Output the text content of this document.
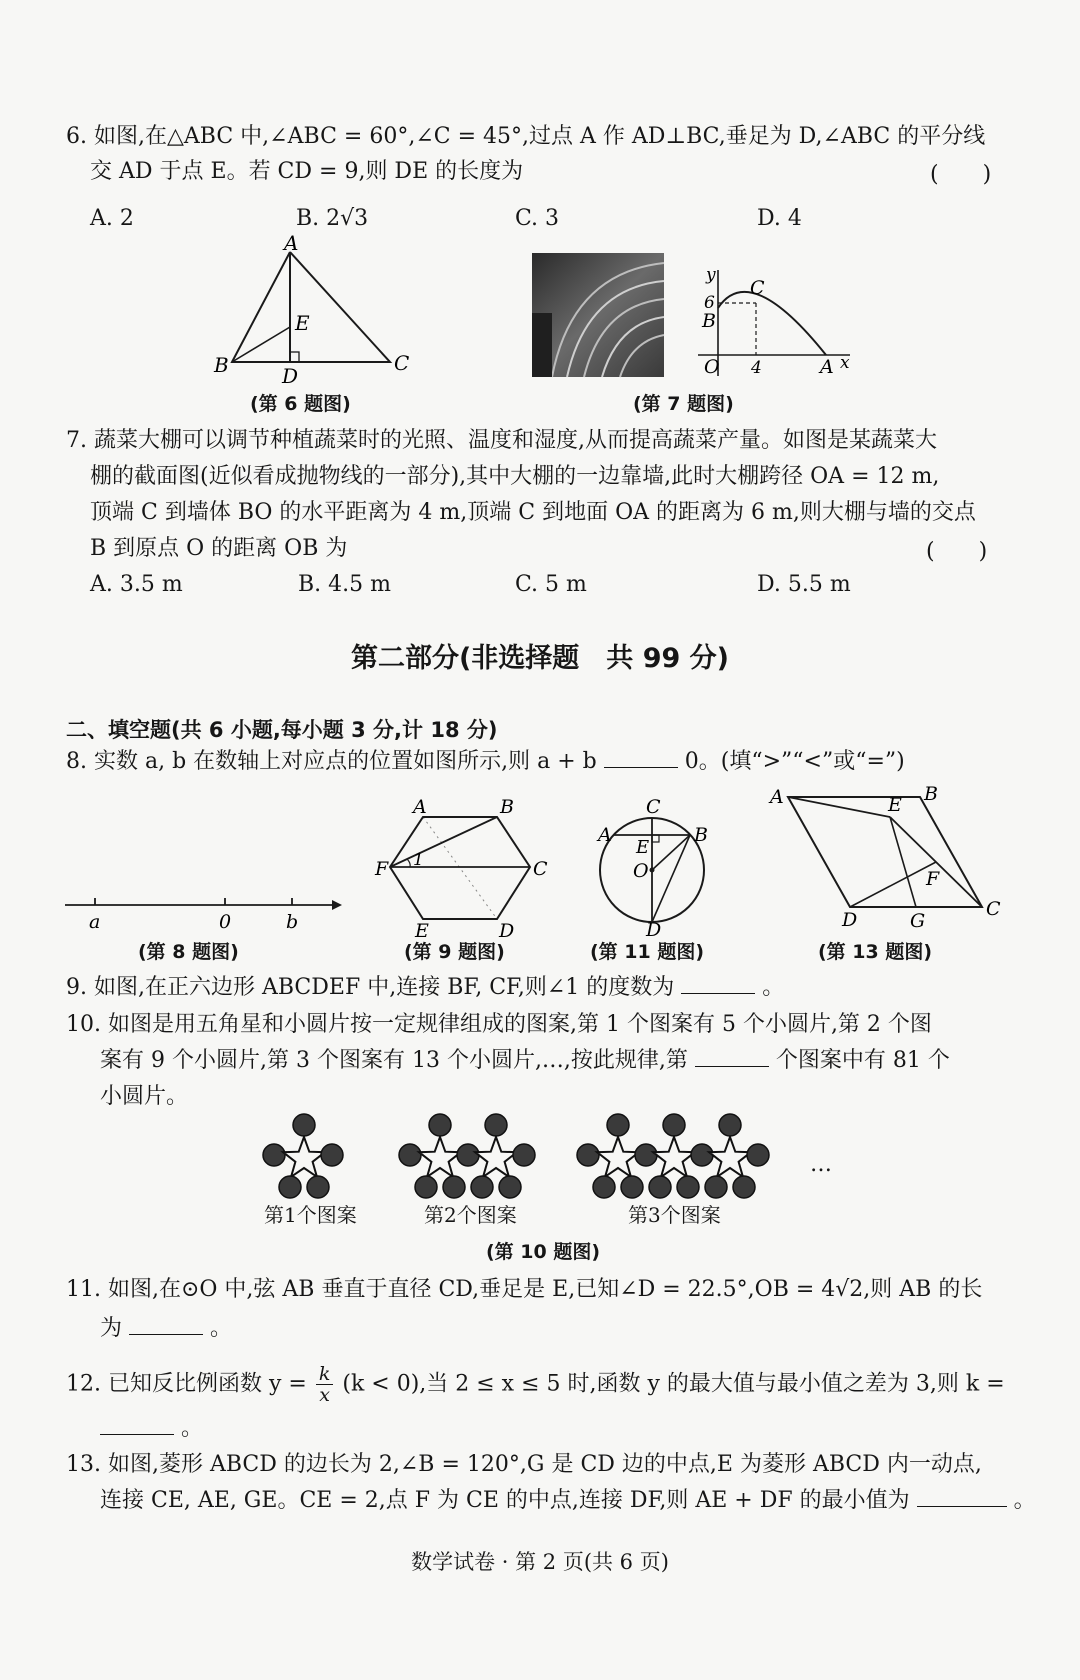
6. 如图,在△ABC 中,∠ABC = 60°,∠C = 45°,过点 A 作 AD⊥BC,垂足为 D,∠ABC 的平分线
交 AD 于点 E。若 CD = 9,则 DE 的长度为	(　　)
A. 2	B. 2√3	C. 3	D. 4
A
E
B	D
C
(第 6 题图)
y
6
C
B
O 4	A x
(第 7 题图)
7. 蔬菜大棚可以调节种植蔬菜时的光照、温度和湿度,从而提高蔬菜产量。如图是某蔬菜大
棚的截面图(近似看成抛物线的一部分),其中大棚的一边靠墙,此时大棚跨径 OA = 12 m,
顶端 C 到墙体 BO 的水平距离为 4 m,顶端 C 到地面 OA 的距离为 6 m,则大棚与墙的交点
B 到原点 O 的距离 OB 为	(　　)
A. 3.5 m	B. 4.5 m	C. 5 m	D. 5.5 m
第二部分(非选择题　共 99 分)
二、填空题(共 6 小题,每小题 3 分,计 18 分)
8. 实数 a, b 在数轴上对应点的位置如图所示,则 a + b	0。(填“>”“<”或“=”)
a	0	b
(第 8 题图)
A	B
F 1	C
E	D
(第 9 题图)
C
A	B
E
O
D
(第 11 题图)
A	B
E
F
D	G
C
(第 13 题图)
9. 如图,在正六边形 ABCDEF 中,连接 BF, CF,则∠1 的度数为	。
10. 如图是用五角星和小圆片按一定规律组成的图案,第 1 个图案有 5 个小圆片,第 2 个图
案有 9 个小圆片,第 3 个图案有 13 个小圆片,…,按此规律,第	个图案中有 81 个
小圆片。
…
第1个图案	第2个图案	第3个图案
(第 10 题图)
11. 如图,在⊙O 中,弦 AB 垂直于直径 CD,垂足是 E,已知∠D = 22.5°,OB = 4√2,则 AB 的长
为	。
12. 已知反比例函数 $y = \frac{k}{x} (k < 0)$,当 2 ≤ x ≤ 5 时,函数 y 的最大值与最小值之差为 3,则 k =
。
13. 如图,菱形 ABCD 的边长为 2,∠B = 120°,G 是 CD 边的中点,E 为菱形 ABCD 内一动点,
连接 CE, AE, GE。CE = 2,点 F 为 CE 的中点,连接 DF,则 AE + DF 的最小值为	。
数学试卷 · 第 2 页(共 6 页)
